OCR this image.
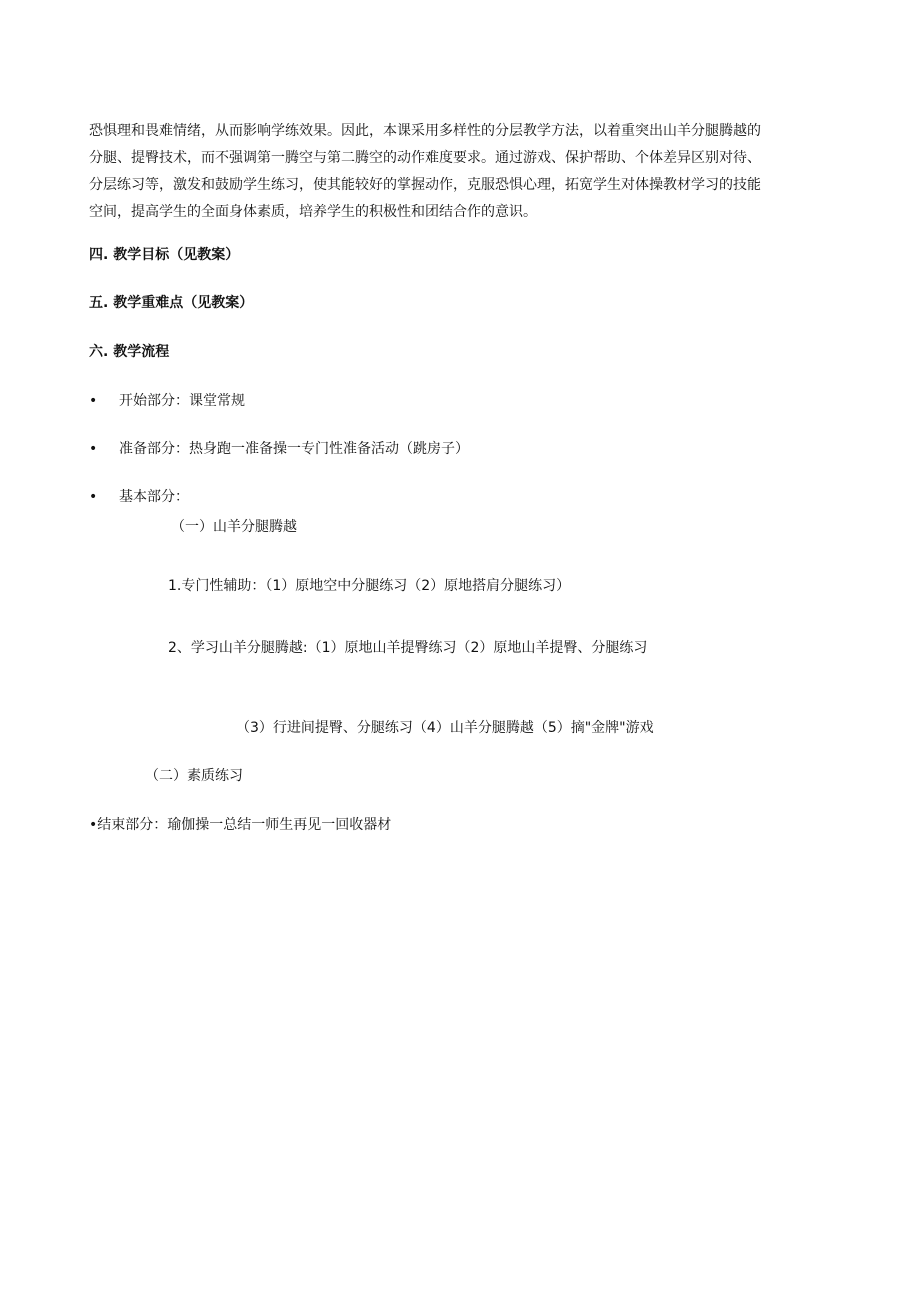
恐惧理和畏难情绪，从而影响学练效果。因此，本课采用多样性的分层教学方法，以着重突出山羊分腿腾越的
分腿、提臀技术，而不强调第一腾空与第二腾空的动作难度要求。通过游戏、保护帮助、个体差异区别对待、
分层练习等，激发和鼓励学生练习，使其能较好的掌握动作，克服恐惧心理，拓宽学生对体操教材学习的技能
空间，提高学生的全面身体素质，培养学生的积极性和团结合作的意识。

四. 教学目标（见教案）

五. 教学重难点（见教案）

六. 教学流程

• 开始部分：课堂常规

• 准备部分：热身跑一准备操一专门性准备活动（跳房子）

• 基本部分：

（一）山羊分腿腾越

1.专门性辅助：（1）原地空中分腿练习（2）原地搭肩分腿练习）

2、学习山羊分腿腾越:（1）原地山羊提臀练习（2）原地山羊提臀、分腿练习

（3）行进间提臀、分腿练习（4）山羊分腿腾越（5）摘"金牌"游戏

（二）素质练习

•结束部分：瑜伽操一总结一师生再见一回收器材
